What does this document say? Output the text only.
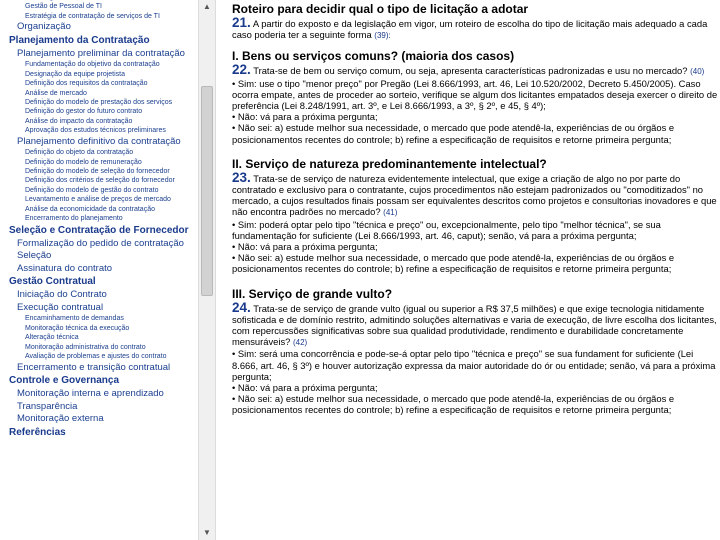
Gestão de Pessoal de TI
Estratégia de contratação de serviços de TI
Organização
Planejamento da Contratação
Planejamento preliminar da contratação
Fundamentação do objetivo da contratação
Designação da equipe projetista
Definição dos requisitos da contratação
Análise de mercado
Definição do modelo de prestação dos serviços
Definição do gestor do futuro contrato
Análise do impacto da contratação
Aprovação dos estudos técnicos preliminares
Planejamento definitivo da contratação
Definição do objeto da contratação
Definição do modelo de remuneração
Definição do modelo de seleção do fornecedor
Definição dos critérios de seleção do fornecedor
Definição do modelo de gestão do contrato
Levantamento e análise de preços de mercado
Análise da economicidade da contratação
Encerramento do planejamento
Seleção e Contratação de Fornecedor
Formalização do pedido de contratação
Seleção
Assinatura do contrato
Gestão Contratual
Iniciação do Contrato
Execução contratual
Encaminhamento de demandas
Monitoração técnica da execução
Alteração técnica
Monitoração administrativa do contrato
Avaliação de problemas e ajustes do contrato
Encerramento e transição contratual
Controle e Governança
Monitoração interna e aprendizado
Transparência
Monitoração externa
Referências
▲
▼
Roteiro para decidir qual o tipo de licitação a adotar
21. A partir do exposto e da legislação em vigor, um roteiro de escolha do tipo de licitação mais adequado a cada caso poderia ter a seguinte forma (39):
I. Bens ou serviços comuns? (maioria dos casos)
22. Trata-se de bem ou serviço comum, ou seja, apresenta características padronizadas e usu no mercado? (40)
• Sim: use o tipo "menor preço" por Pregão (Lei 8.666/1993, art. 46, Lei 10.520/2002, Decreto 5.450/2005). Caso ocorra empate, antes de proceder ao sorteio, verifique se algum dos licitantes empatados deseja exercer o direito de preferência (Lei 8.248/1991, art. 3º, e Lei 8.666/1993, a 3º, § 2º, e 45, § 4º);
• Não: vá para a próxima pergunta;
• Não sei: a) estude melhor sua necessidade, o mercado que pode atendê-la, experiências de ou órgãos e posicionamentos recentes do controle; b) refine a especificação de requisitos e retorne primeira pergunta;
II. Serviço de natureza predominantemente intelectual?
23. Trata-se de serviço de natureza evidentemente intelectual, que exige a criação de algo no por parte do contratado e exclusivo para o contratante, cujos procedimentos não estejam padronizados ou "comoditizados" no mercado, a cujos resultados finais possam ser equivalentes descritos como projetos e consultorias inovadores e que não encontra padrões no mercado? (41)
• Sim: poderá optar pelo tipo "técnica e preço" ou, excepcionalmente, pelo tipo "melhor técnica", se sua fundamentação for suficiente (Lei 8.666/1993, art. 46, caput); senão, vá para a próxima pergunta;
• Não: vá para a próxima pergunta;
• Não sei: a) estude melhor sua necessidade, o mercado que pode atendê-la, experiências de ou órgãos e posicionamentos recentes do controle; b) refine a especificação de requisitos e retorne primeira pergunta;
III. Serviço de grande vulto?
24. Trata-se de serviço de grande vulto (igual ou superior a R$ 37,5 milhões) e que exige tecnologia nitidamente sofisticada e de domínio restrito, admitindo soluções alternativas e varia de execução, de livre escolha dos licitantes, com repercussões significativas sobre sua qualidad produtividade, rendimento e durabilidade concretamente mensuráveis? (42)
• Sim: será uma concorrência e pode-se-á optar pelo tipo "técnica e preço" se sua fundament for suficiente (Lei 8.666, art. 46, § 3º) e houver autorização expressa da maior autoridade do ór ou entidade; senão, vá para a próxima pergunta;
• Não: vá para a próxima pergunta;
• Não sei: a) estude melhor sua necessidade, o mercado que pode atendê-la, experiências de ou órgãos e posicionamentos recentes do controle; b) refine a especificação de requisitos e retorne primeira pergunta;
